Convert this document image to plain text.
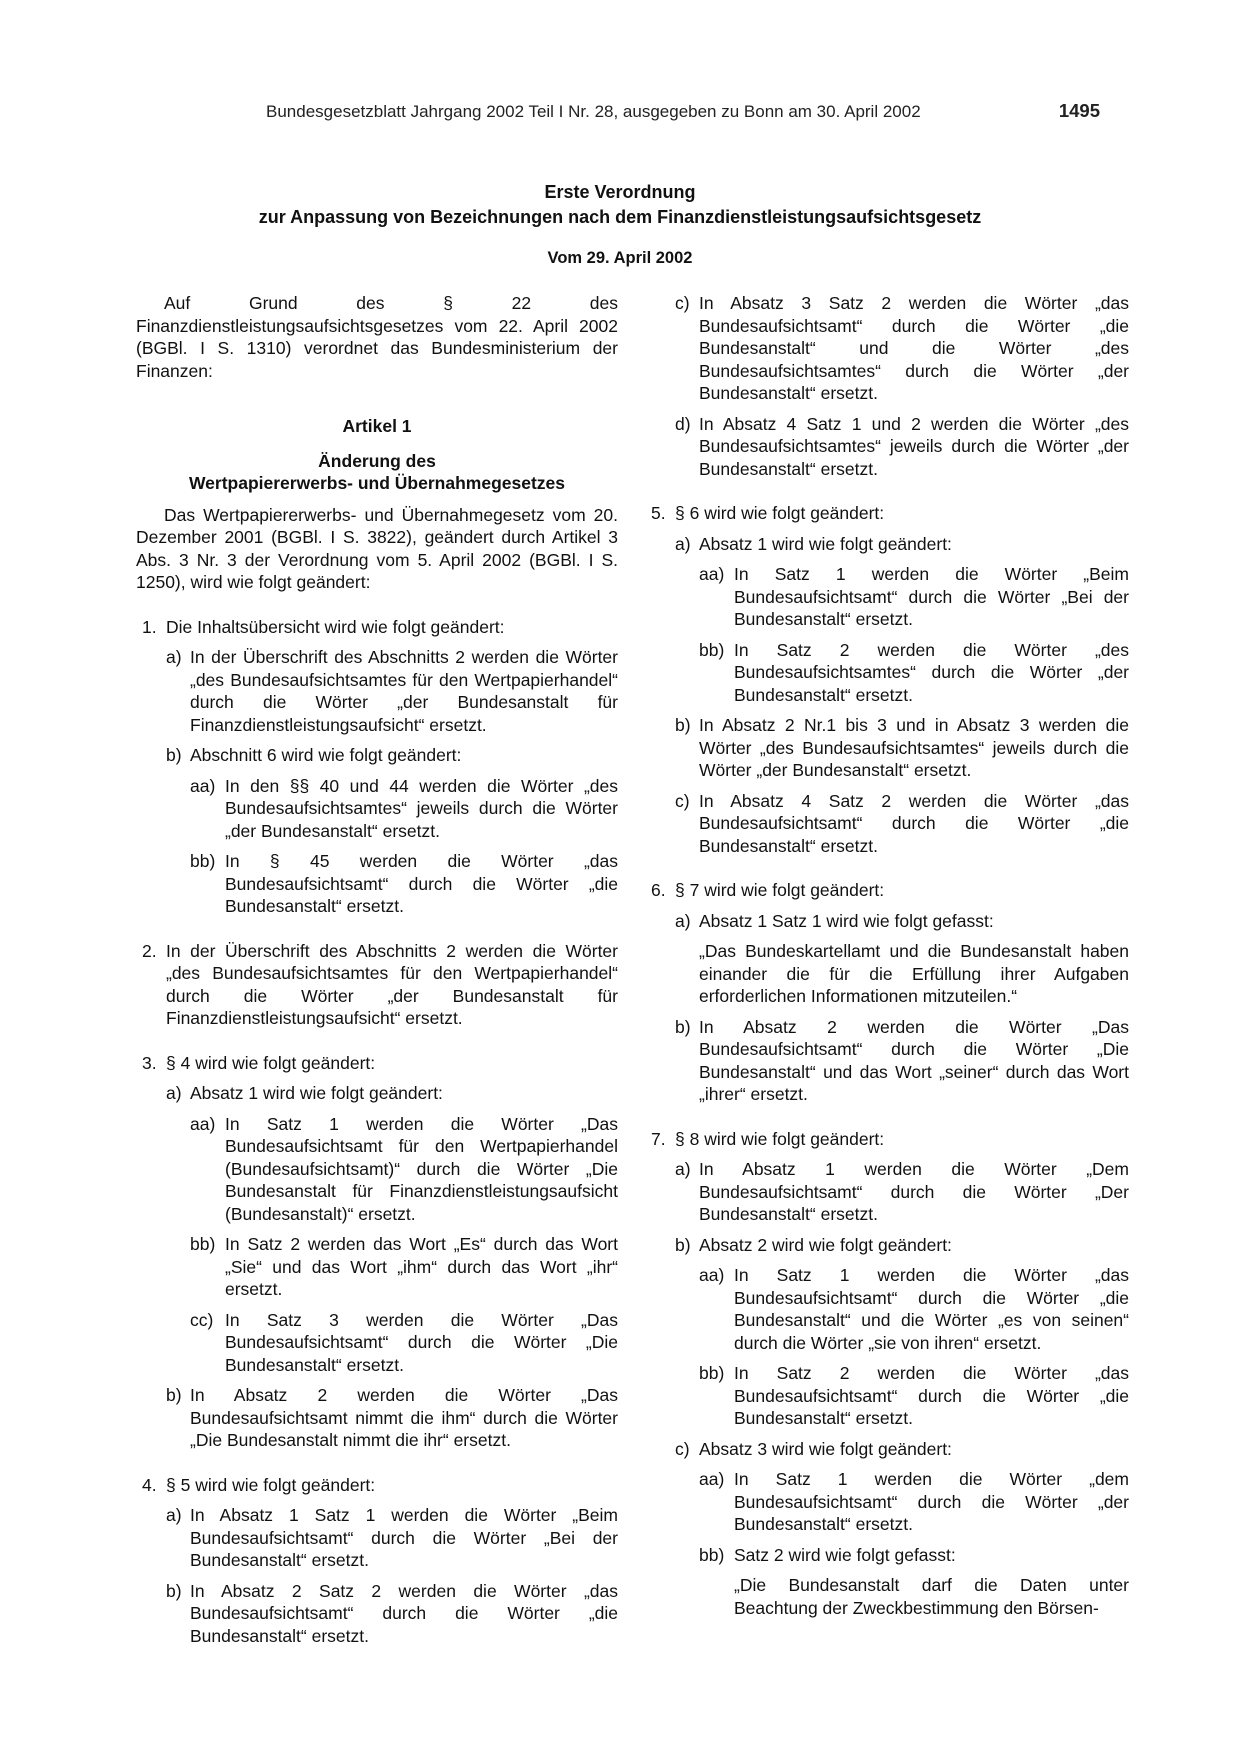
Bundesgesetzblatt Jahrgang 2002 Teil I Nr. 28, ausgegeben zu Bonn am 30. April 2002	1495
Erste Verordnung
zur Anpassung von Bezeichnungen nach dem Finanzdienstleistungsaufsichtsgesetz
Vom 29. April 2002

Auf Grund des § 22 des Finanzdienstleistungsaufsichtsgesetzes vom 22. April 2002 (BGBl. I S. 1310) verordnet das Bundesministerium der Finanzen:

Artikel 1
Änderung des
Wertpapiererwerbs- und Übernahmegesetzes

Das Wertpapiererwerbs- und Übernahmegesetz vom 20. Dezember 2001 (BGBl. I S. 3822), geändert durch Artikel 3 Abs. 3 Nr. 3 der Verordnung vom 5. April 2002 (BGBl. I S. 1250), wird wie folgt geändert:

1. Die Inhaltsübersicht wird wie folgt geändert:
a) In der Überschrift des Abschnitts 2 werden die Wörter „des Bundesaufsichtsamtes für den Wertpapierhandel“ durch die Wörter „der Bundesanstalt für Finanzdienstleistungsaufsicht“ ersetzt.
b) Abschnitt 6 wird wie folgt geändert:
aa) In den §§ 40 und 44 werden die Wörter „des Bundesaufsichtsamtes“ jeweils durch die Wörter „der Bundesanstalt“ ersetzt.
bb) In § 45 werden die Wörter „das Bundesaufsichtsamt“ durch die Wörter „die Bundesanstalt“ ersetzt.
2. In der Überschrift des Abschnitts 2 werden die Wörter „des Bundesaufsichtsamtes für den Wertpapierhandel“ durch die Wörter „der Bundesanstalt für Finanzdienstleistungsaufsicht“ ersetzt.
3. § 4 wird wie folgt geändert:
a) Absatz 1 wird wie folgt geändert:
aa) In Satz 1 werden die Wörter „Das Bundesaufsichtsamt für den Wertpapierhandel (Bundesaufsichtsamt)“ durch die Wörter „Die Bundesanstalt für Finanzdienstleistungsaufsicht (Bundesanstalt)“ ersetzt.
bb) In Satz 2 werden das Wort „Es“ durch das Wort „Sie“ und das Wort „ihm“ durch das Wort „ihr“ ersetzt.
cc) In Satz 3 werden die Wörter „Das Bundesaufsichtsamt“ durch die Wörter „Die Bundesanstalt“ ersetzt.
b) In Absatz 2 werden die Wörter „Das Bundesaufsichtsamt nimmt die ihm“ durch die Wörter „Die Bundesanstalt nimmt die ihr“ ersetzt.
4. § 5 wird wie folgt geändert:
a) In Absatz 1 Satz 1 werden die Wörter „Beim Bundesaufsichtsamt“ durch die Wörter „Bei der Bundesanstalt“ ersetzt.
b) In Absatz 2 Satz 2 werden die Wörter „das Bundesaufsichtsamt“ durch die Wörter „die Bundesanstalt“ ersetzt.
c) In Absatz 3 Satz 2 werden die Wörter „das Bundesaufsichtsamt“ durch die Wörter „die Bundesanstalt“ und die Wörter „des Bundesaufsichtsamtes“ durch die Wörter „der Bundesanstalt“ ersetzt.
d) In Absatz 4 Satz 1 und 2 werden die Wörter „des Bundesaufsichtsamtes“ jeweils durch die Wörter „der Bundesanstalt“ ersetzt.
5. § 6 wird wie folgt geändert:
a) Absatz 1 wird wie folgt geändert:
aa) In Satz 1 werden die Wörter „Beim Bundesaufsichtsamt“ durch die Wörter „Bei der Bundesanstalt“ ersetzt.
bb) In Satz 2 werden die Wörter „des Bundesaufsichtsamtes“ durch die Wörter „der Bundesanstalt“ ersetzt.
b) In Absatz 2 Nr.1 bis 3 und in Absatz 3 werden die Wörter „des Bundesaufsichtsamtes“ jeweils durch die Wörter „der Bundesanstalt“ ersetzt.
c) In Absatz 4 Satz 2 werden die Wörter „das Bundesaufsichtsamt“ durch die Wörter „die Bundesanstalt“ ersetzt.
6. § 7 wird wie folgt geändert:
a) Absatz 1 Satz 1 wird wie folgt gefasst:

„Das Bundeskartellamt und die Bundesanstalt haben einander die für die Erfüllung ihrer Aufgaben erforderlichen Informationen mitzuteilen.“

b) In Absatz 2 werden die Wörter „Das Bundesaufsichtsamt“ durch die Wörter „Die Bundesanstalt“ und das Wort „seiner“ durch das Wort „ihrer“ ersetzt.
7. § 8 wird wie folgt geändert:
a) In Absatz 1 werden die Wörter „Dem Bundesaufsichtsamt“ durch die Wörter „Der Bundesanstalt“ ersetzt.
b) Absatz 2 wird wie folgt geändert:
aa) In Satz 1 werden die Wörter „das Bundesaufsichtsamt“ durch die Wörter „die Bundesanstalt“ und die Wörter „es von seinen“ durch die Wörter „sie von ihren“ ersetzt.
bb) In Satz 2 werden die Wörter „das Bundesaufsichtsamt“ durch die Wörter „die Bundesanstalt“ ersetzt.
c) Absatz 3 wird wie folgt geändert:
aa) In Satz 1 werden die Wörter „dem Bundesaufsichtsamt“ durch die Wörter „der Bundesanstalt“ ersetzt.
bb) Satz 2 wird wie folgt gefasst:

„Die Bundesanstalt darf die Daten unter Beachtung der Zweckbestimmung den Börsen-
